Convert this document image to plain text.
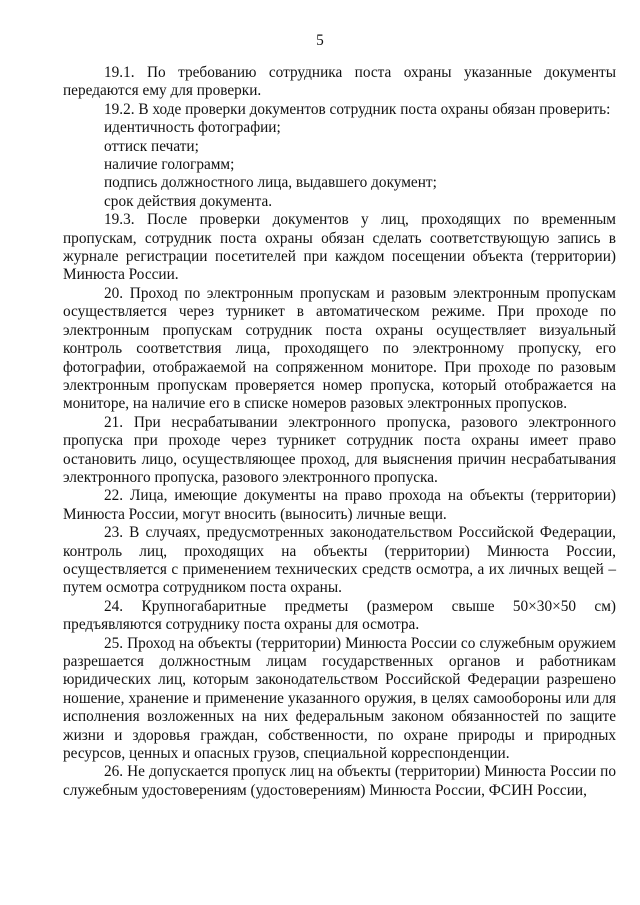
5

19.1. По требованию сотрудника поста охраны указанные документы передаются ему для проверки.

19.2. В ходе проверки документов сотрудник поста охраны обязан проверить:

идентичность фотографии;

оттиск печати;

наличие голограмм;

подпись должностного лица, выдавшего документ;

срок действия документа.

19.3. После проверки документов у лиц, проходящих по временным пропускам, сотрудник поста охраны обязан сделать соответствующую запись в журнале регистрации посетителей при каждом посещении объекта (территории) Минюста России.

20. Проход по электронным пропускам и разовым электронным пропускам осуществляется через турникет в автоматическом режиме. При проходе по электронным пропускам сотрудник поста охраны осуществляет визуальный контроль соответствия лица, проходящего по электронному пропуску, его фотографии, отображаемой на сопряженном мониторе. При проходе по разовым электронным пропускам проверяется номер пропуска, который отображается на мониторе, на наличие его в списке номеров разовых электронных пропусков.

21. При несрабатывании электронного пропуска, разового электронного пропуска при проходе через турникет сотрудник поста охраны имеет право остановить лицо, осуществляющее проход, для выяснения причин несрабатывания электронного пропуска, разового электронного пропуска.

22. Лица, имеющие документы на право прохода на объекты (территории) Минюста России, могут вносить (выносить) личные вещи.

23. В случаях, предусмотренных законодательством Российской Федерации, контроль лиц, проходящих на объекты (территории) Минюста России, осуществляется с применением технических средств осмотра, а их личных вещей – путем осмотра сотрудником поста охраны.

24. Крупногабаритные предметы (размером свыше 50×30×50 см) предъявляются сотруднику поста охраны для осмотра.

25. Проход на объекты (территории) Минюста России со служебным оружием разрешается должностным лицам государственных органов и работникам юридических лиц, которым законодательством Российской Федерации разрешено ношение, хранение и применение указанного оружия, в целях самообороны или для исполнения возложенных на них федеральным законом обязанностей по защите жизни и здоровья граждан, собственности, по охране природы и природных ресурсов, ценных и опасных грузов, специальной корреспонденции.

26. Не допускается пропуск лиц на объекты (территории) Минюста России по служебным удостоверениям (удостоверениям) Минюста России, ФСИН России,
